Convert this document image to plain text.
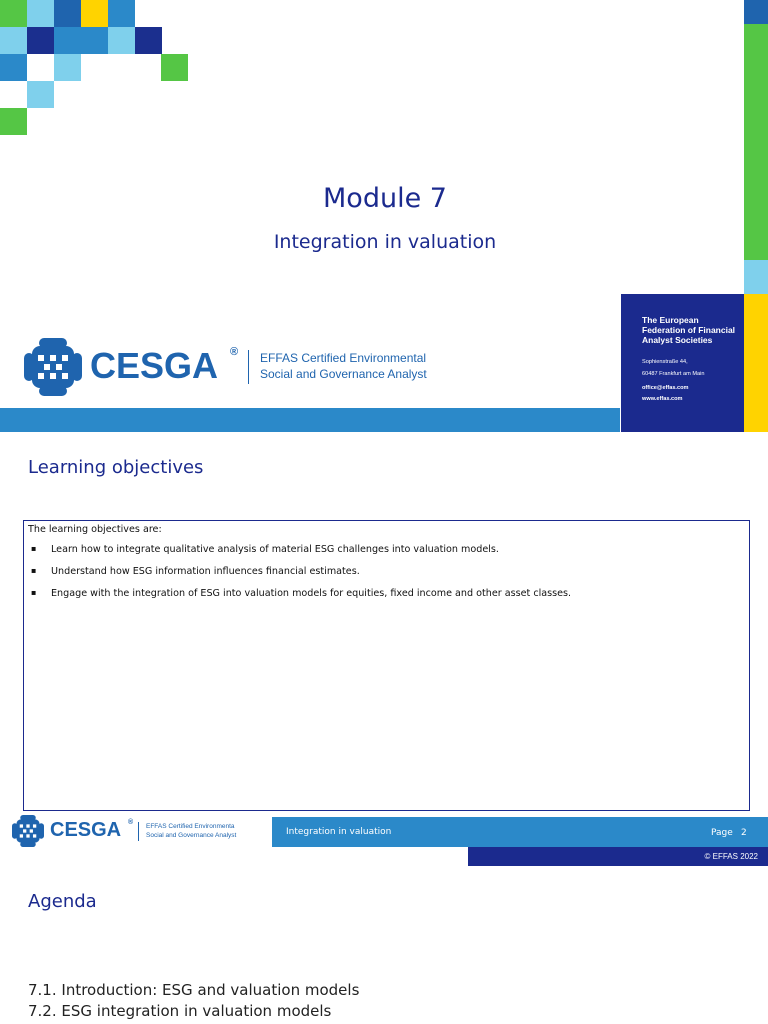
Module 7
Integration in valuation
CESGA ® EFFAS Certified Environmental
Social and Governance Analyst
The European Federation of Financial Analyst Societies
Sophienstraße 44,
60487 Frankfurt am Main
office@effas.com
www.effas.com
Learning objectives
The learning objectives are:
▪ Learn how to integrate qualitative analysis of material ESG challenges into valuation models.
▪ Understand how ESG information influences financial estimates.
▪ Engage with the integration of ESG into valuation models for equities, fixed income and other asset classes.
CESGA ®
EFFAS Certified Environmenta
Social and Governance Analyst	Integration in valuation	Page 2
© EFFAS 2022
Agenda
7.1. Introduction: ESG and valuation models
7.2. ESG integration in valuation models
